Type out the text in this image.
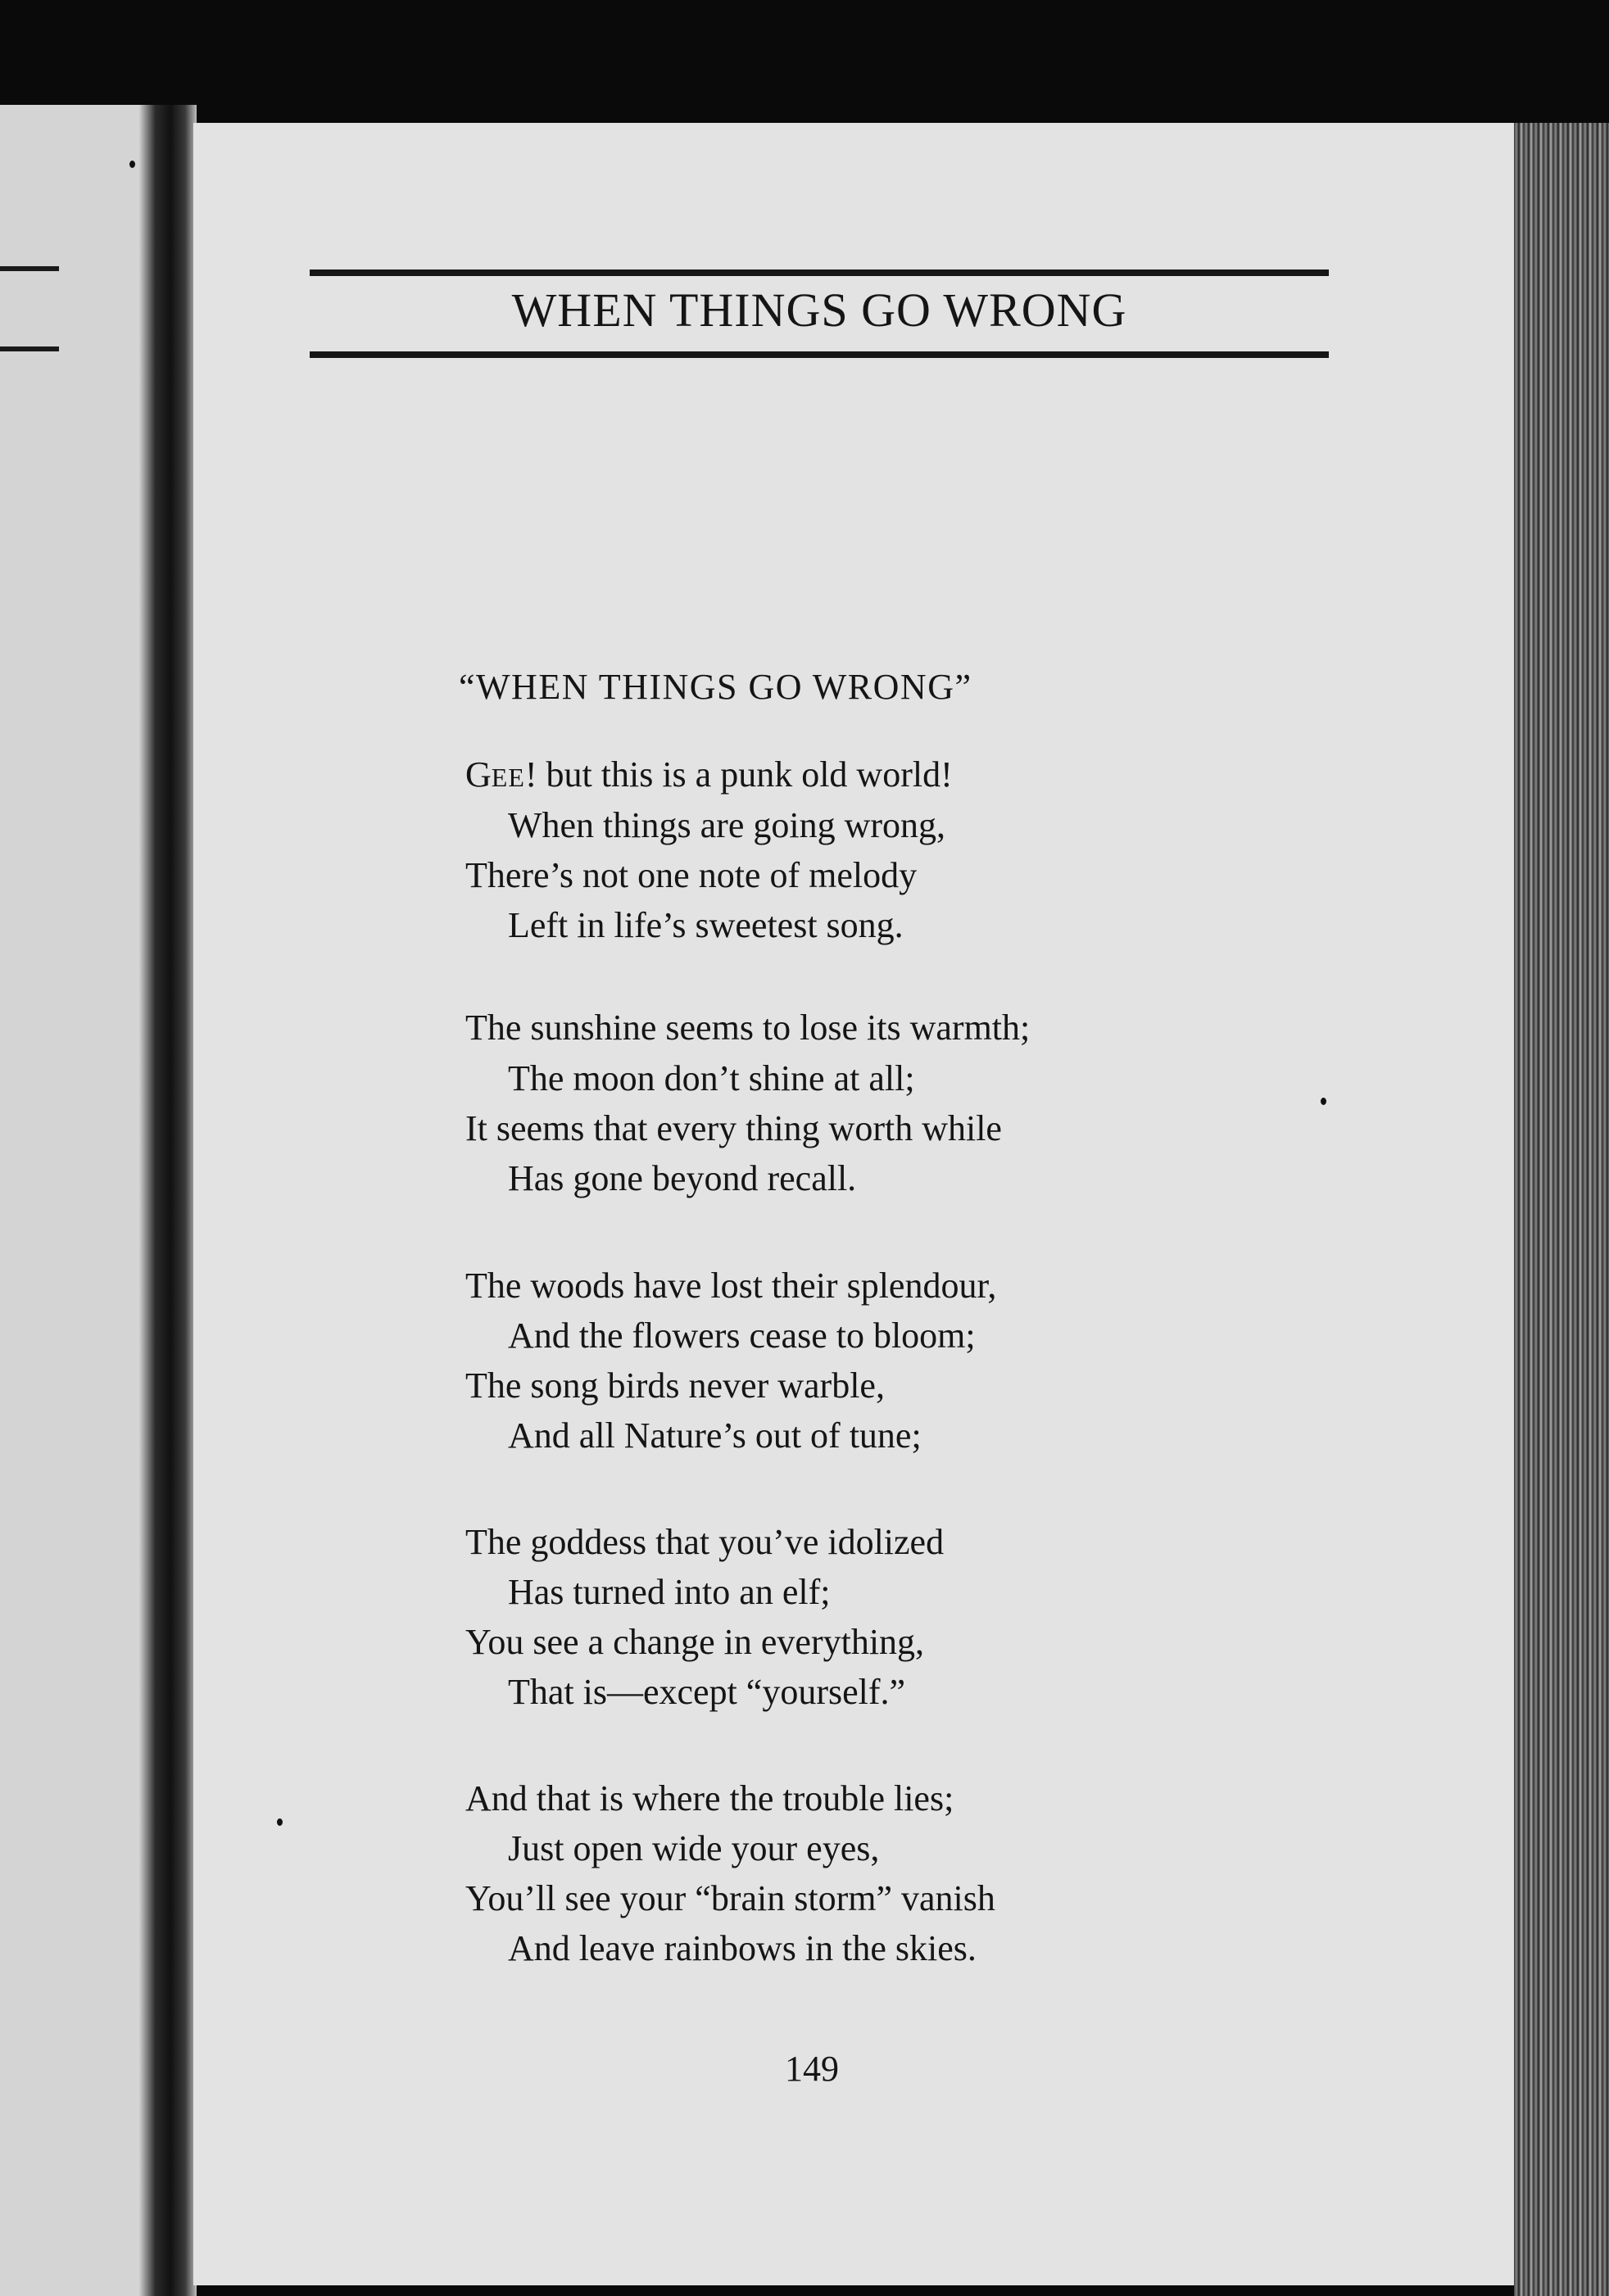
WHEN THINGS GO WRONG
“WHEN THINGS GO WRONG”
GEE! but this is a punk old world!
When things are going wrong,
There’s not one note of melody
Left in life’s sweetest song.
The sunshine seems to lose its warmth;
The moon don’t shine at all;
It seems that every thing worth while
Has gone beyond recall.
The woods have lost their splendour,
And the flowers cease to bloom;
The song birds never warble,
And all Nature’s out of tune;
The goddess that you’ve idolized
Has turned into an elf;
You see a change in everything,
That is—except “yourself.”
And that is where the trouble lies;
Just open wide your eyes,
You’ll see your “brain storm” vanish
And leave rainbows in the skies.
149
